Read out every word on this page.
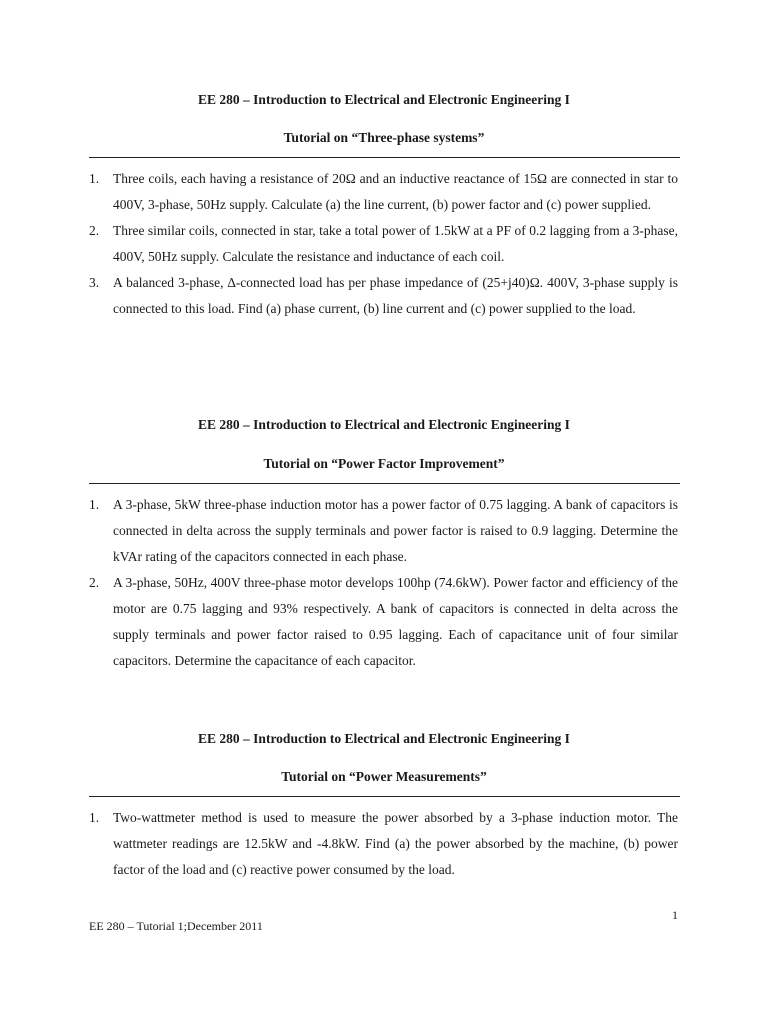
EE 280 – Introduction to Electrical and Electronic Engineering I
Tutorial on “Three-phase systems”
1. Three coils, each having a resistance of 20Ω and an inductive reactance of 15Ω are connected in star to 400V, 3-phase, 50Hz supply. Calculate (a) the line current, (b) power factor and (c) power supplied.
2. Three similar coils, connected in star, take a total power of 1.5kW at a PF of 0.2 lagging from a 3-phase, 400V, 50Hz supply. Calculate the resistance and inductance of each coil.
3. A balanced 3-phase, ∆-connected load has per phase impedance of (25+j40)Ω. 400V, 3-phase supply is connected to this load. Find (a) phase current, (b) line current and (c) power supplied to the load.
EE 280 – Introduction to Electrical and Electronic Engineering I
Tutorial on “Power Factor Improvement”
1. A 3-phase, 5kW three-phase induction motor has a power factor of 0.75 lagging. A bank of capacitors is connected in delta across the supply terminals and power factor is raised to 0.9 lagging. Determine the kVAr rating of the capacitors connected in each phase.
2. A 3-phase, 50Hz, 400V three-phase motor develops 100hp (74.6kW). Power factor and efficiency of the motor are 0.75 lagging and 93% respectively. A bank of capacitors is connected in delta across the supply terminals and power factor raised to 0.95 lagging. Each of capacitance unit of four similar capacitors. Determine the capacitance of each capacitor.
EE 280 – Introduction to Electrical and Electronic Engineering I
Tutorial on “Power Measurements”
1. Two-wattmeter method is used to measure the power absorbed by a 3-phase induction motor. The wattmeter readings are 12.5kW and -4.8kW. Find (a) the power absorbed by the machine, (b) power factor of the load and (c) reactive power consumed by the load.
1
EE 280 – Tutorial 1;December 2011
